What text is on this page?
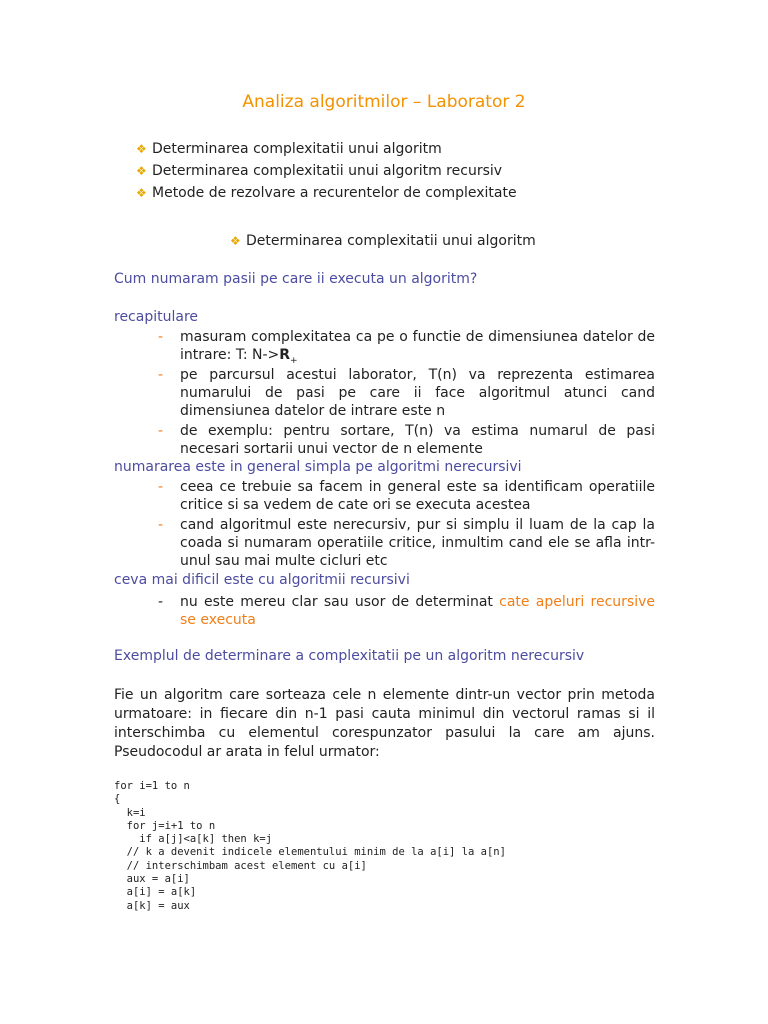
Analiza algoritmilor – Laborator 2
❖ Determinarea complexitatii unui algoritm
❖ Determinarea complexitatii unui algoritm recursiv
❖ Metode de rezolvare a recurentelor de complexitate
❖ Determinarea complexitatii unui algoritm
Cum numaram pasii pe care ii executa un algoritm?
recapitulare
- masuram complexitatea ca pe o functie de dimensiunea datelor de intrare: T: $N->R_+$
- pe parcursul acestui laborator, T(n) va reprezenta estimarea numarului de pasi pe care ii face algoritmul atunci cand dimensiunea datelor de intrare este n
- de exemplu: pentru sortare, T(n) va estima numarul de pasi necesari sortarii unui vector de n elemente
numararea este in general simpla pe algoritmi nerecursivi
- ceea ce trebuie sa facem in general este sa identificam operatiile critice si sa vedem de cate ori se executa acestea
- cand algoritmul este nerecursiv, pur si simplu il luam de la cap la coada si numaram operatiile critice, inmultim cand ele se afla intr-unul sau mai multe cicluri etc
ceva mai dificil este cu algoritmii recursivi
- nu este mereu clar sau usor de determinat cate apeluri recursive se executa
Exemplul de determinare a complexitatii pe un algoritm nerecursiv
Fie un algoritm care sorteaza cele n elemente dintr-un vector prin metoda urmatoare: in fiecare din n-1 pasi cauta minimul din vectorul ramas si il interschimba cu elementul corespunzator pasului la care am ajuns. Pseudocodul ar arata in felul urmator:
for i=1 to n
{
k=i
for j=i+1 to n
if a[j]<a[k] then k=j
// k a devenit indicele elementului minim de la a[i] la a[n]
// interschimbam acest element cu a[i]
aux = a[i]
a[i] = a[k]
a[k] = aux
